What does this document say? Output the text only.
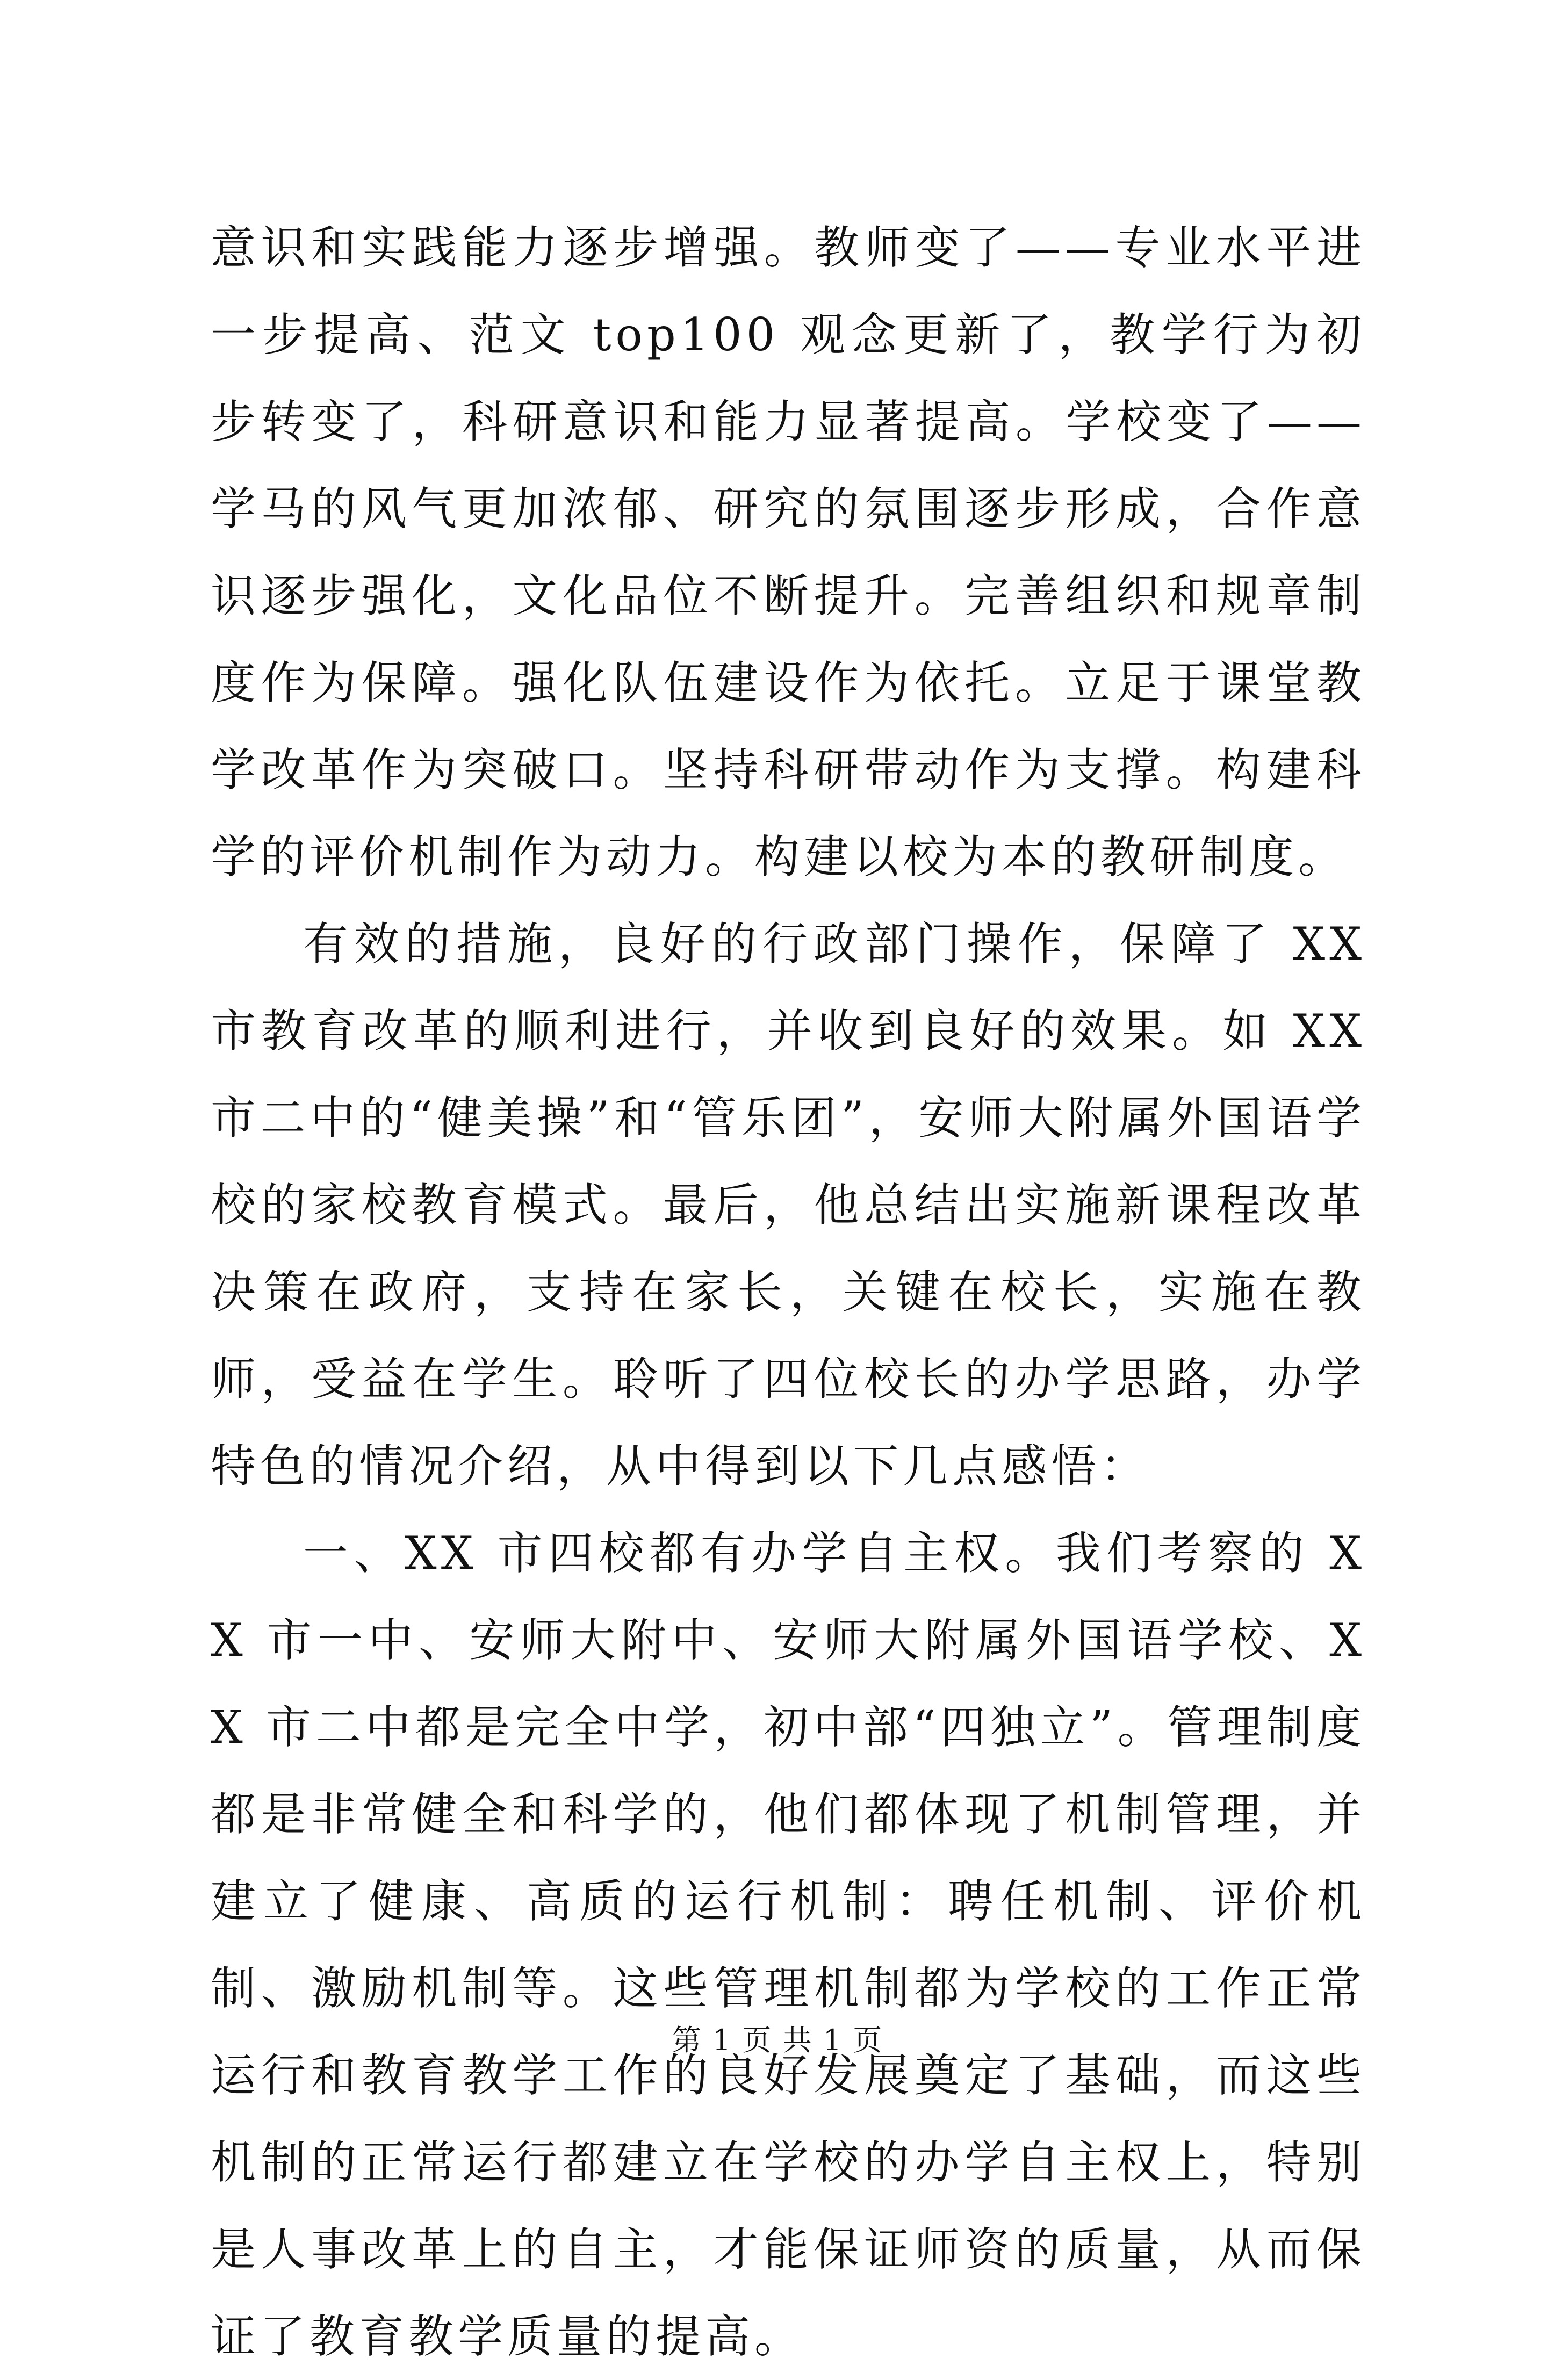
意识和实践能力逐步增强。教师变了——专业水平进一步提高、范文 top100 观念更新了，教学行为初步转变了，科研意识和能力显著提高。学校变了——学马的风气更加浓郁、研究的氛围逐步形成，合作意识逐步强化，文化品位不断提升。完善组织和规章制度作为保障。强化队伍建设作为依托。立足于课堂教学改革作为突破口。坚持科研带动作为支撑。构建科学的评价机制作为动力。构建以校为本的教研制度。

有效的措施，良好的行政部门操作，保障了 XX 市教育改革的顺利进行，并收到良好的效果。如 XX 市二中的“健美操”和“管乐团”，安师大附属外国语学校的家校教育模式。最后，他总结出实施新课程改革决策在政府，支持在家长，关键在校长，实施在教师，受益在学生。聆听了四位校长的办学思路，办学特色的情况介绍，从中得到以下几点感悟：

一、XX 市四校都有办学自主权。我们考察的 XX 市一中、安师大附中、安师大附属外国语学校、XX 市二中都是完全中学，初中部“四独立”。管理制度都是非常健全和科学的，他们都体现了机制管理，并建立了健康、高质的运行机制：聘任机制、评价机制、激励机制等。这些管理机制都为学校的工作正常运行和教育教学工作的良好发展奠定了基础，而这些机制的正常运行都建立在学校的办学自主权上，特别是人事改革上的自主，才能保证师资的质量，从而保证了教育教学质量的提高。

第 1 页 共 1 页
